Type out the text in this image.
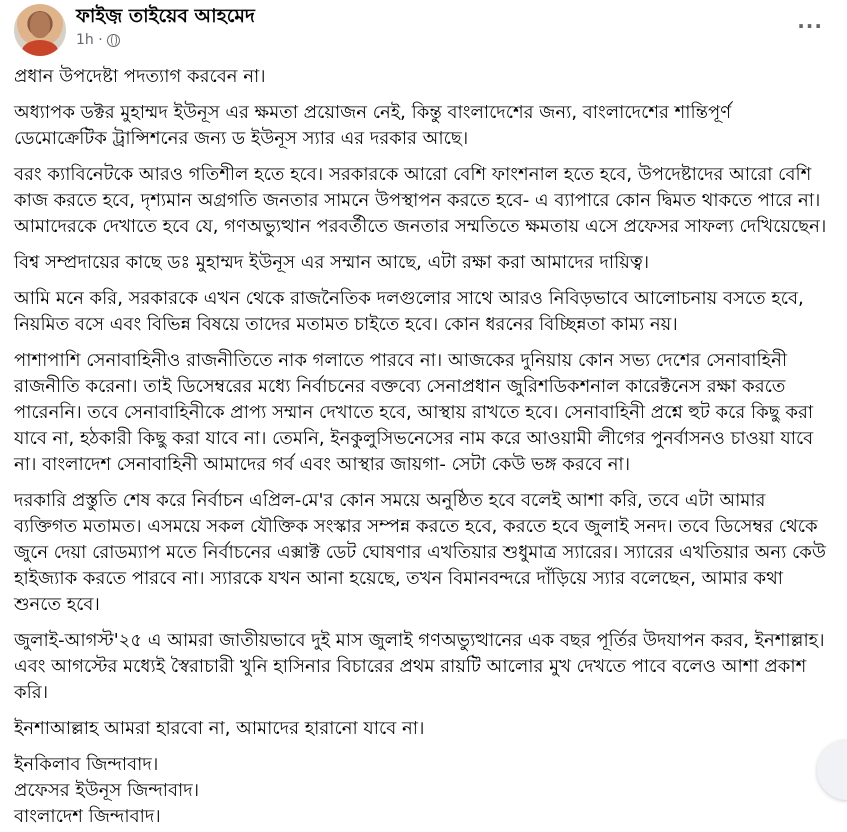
ফাইজ় তাইয়েব আহমেদ
1h ·
···

প্রধান উপদেষ্টা পদত্যাগ করবেন না।

অধ্যাপক ডক্টর মুহাম্মদ ইউনূস এর ক্ষমতা প্রয়োজন নেই, কিন্তু বাংলাদেশের জন্য, বাংলাদেশের শান্তিপূর্ণ ডেমোক্রেটিক ট্রান্সিশনের জন্য ড ইউনূস স্যার এর দরকার আছে।

বরং ক্যাবিনেটকে আরও গতিশীল হতে হবে। সরকারকে আরো বেশি ফাংশনাল হতে হবে, উপদেষ্টাদের আরো বেশি কাজ করতে হবে, দৃশ্যমান অগ্রগতি জনতার সামনে উপস্থাপন করতে হবে- এ ব্যাপারে কোন দ্বিমত থাকতে পারে না। আমাদেরকে দেখাতে হবে যে, গণঅভ্যুত্থান পরবর্তীতে জনতার সম্মতিতে ক্ষমতায় এসে প্রফেসর সাফল্য দেখিয়েছেন।

বিশ্ব সম্প্রদায়ের কাছে ডঃ মুহাম্মদ ইউনূস এর সম্মান আছে, এটা রক্ষা করা আমাদের দায়িত্ব।

আমি মনে করি, সরকারকে এখন থেকে রাজনৈতিক দলগুলোর সাথে আরও নিবিড়ভাবে আলোচনায় বসতে হবে, নিয়মিত বসে এবং বিভিন্ন বিষয়ে তাদের মতামত চাইতে হবে। কোন ধরনের বিচ্ছিন্নতা কাম্য নয়।

পাশাপাশি সেনাবাহিনীও রাজনীতিতে নাক গলাতে পারবে না। আজকের দুনিয়ায় কোন সভ্য দেশের সেনাবাহিনী রাজনীতি করেনা। তাই ডিসেম্বরের মধ্যে নির্বাচনের বক্তব্যে সেনাপ্রধান জুরিশডিকশনাল কারেক্টনেস রক্ষা করতে পারেননি। তবে সেনাবাহিনীকে প্রাপ্য সম্মান দেখাতে হবে, আস্থায় রাখতে হবে। সেনাবাহিনী প্রশ্নে হুট করে কিছু করা যাবে না, হঠকারী কিছু করা যাবে না। তেমনি, ইনকুলুসিভনেসের নাম করে আওয়ামী লীগের পুনর্বাসনও চাওয়া যাবে না। বাংলাদেশ সেনাবাহিনী আমাদের গর্ব এবং আস্থার জায়গা- সেটা কেউ ভঙ্গ করবে না।

দরকারি প্রস্তুতি শেষ করে নির্বাচন এপ্রিল-মে'র কোন সময়ে অনুষ্ঠিত হবে বলেই আশা করি, তবে এটা আমার ব্যক্তিগত মতামত। এসময়ে সকল যৌক্তিক সংস্কার সম্পন্ন করতে হবে, করতে হবে জুলাই সনদ। তবে ডিসেম্বর থেকে জুনে দেয়া রোডম্যাপ মতে নির্বাচনের এক্সাক্ট ডেট ঘোষণার এখতিয়ার শুধুমাত্র স্যারের। স্যারের এখতিয়ার অন্য কেউ হাইজ্যাক করতে পারবে না। স্যারকে যখন আনা হয়েছে, তখন বিমানবন্দরে দাঁড়িয়ে স্যার বলেছেন, আমার কথা শুনতে হবে।

জুলাই-আগস্ট'২৫ এ আমরা জাতীয়ভাবে দুই মাস জুলাই গণঅভ্যুত্থানের এক বছর পূর্তির উদযাপন করব, ইনশাল্লাহ। এবং আগস্টের মধ্যেই স্বৈরাচারী খুনি হাসিনার বিচারের প্রথম রায়টি আলোর মুখ দেখতে পাবে বলেও আশা প্রকাশ করি।

ইনশাআল্লাহ আমরা হারবো না, আমাদের হারানো যাবে না।

ইনকিলাব জিন্দাবাদ।

প্রফেসর ইউনূস জিন্দাবাদ।

বাংলাদেশ জিন্দাবাদ।
